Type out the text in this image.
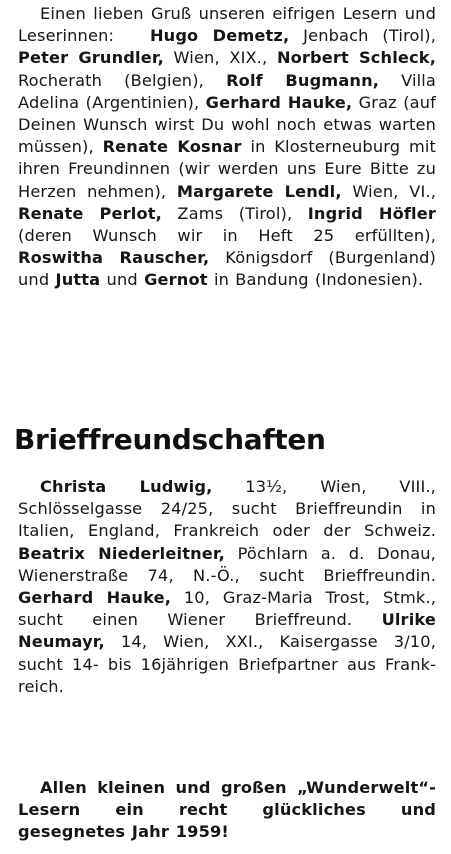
Einen lieben Gruß unseren eifrigen Lesern und Leserinnen: Hugo Demetz, Jenbach (Tirol), Peter Grundler, Wien, XIX., Norbert Schleck, Rocherath (Belgien), Rolf Bugmann, Villa Adelina (Argentinien), Gerhard Hauke, Graz (auf Deinen Wunsch wirst Du wohl noch etwas warten müssen), Renate Kosnar in Klosterneuburg mit ihren Freundinnen (wir werden uns Eure Bitte zu Herzen nehmen), Margarete Lendl, Wien, VI., Renate Perlot, Zams (Tirol), Ingrid Höfler (deren Wunsch wir in Heft 25 erfüllten), Roswitha Rauscher, Königsdorf (Burgenland) und Jutta und Gernot in Bandung (Indonesien).

Brieffreundschaften

Christa Ludwig, 13½, Wien, VIII., Schlösselgasse 24/25, sucht Brieffreundin in Italien, England, Frankreich oder der Schweiz. Beatrix Niederleitner, Pöchlarn a. d. Donau, Wienerstraße 74, N.-Ö., sucht Brieffreundin. Gerhard Hauke, 10, Graz-Maria Trost, Stmk., sucht einen Wiener Brieffreund. Ulrike Neumayr, 14, Wien, XXI., Kaisergasse 3/10, sucht 14- bis 16jährigen Briefpartner aus Frankreich.

Allen kleinen und großen „Wunderwelt“-Lesern ein recht glückliches und gesegnetes Jahr 1959!
